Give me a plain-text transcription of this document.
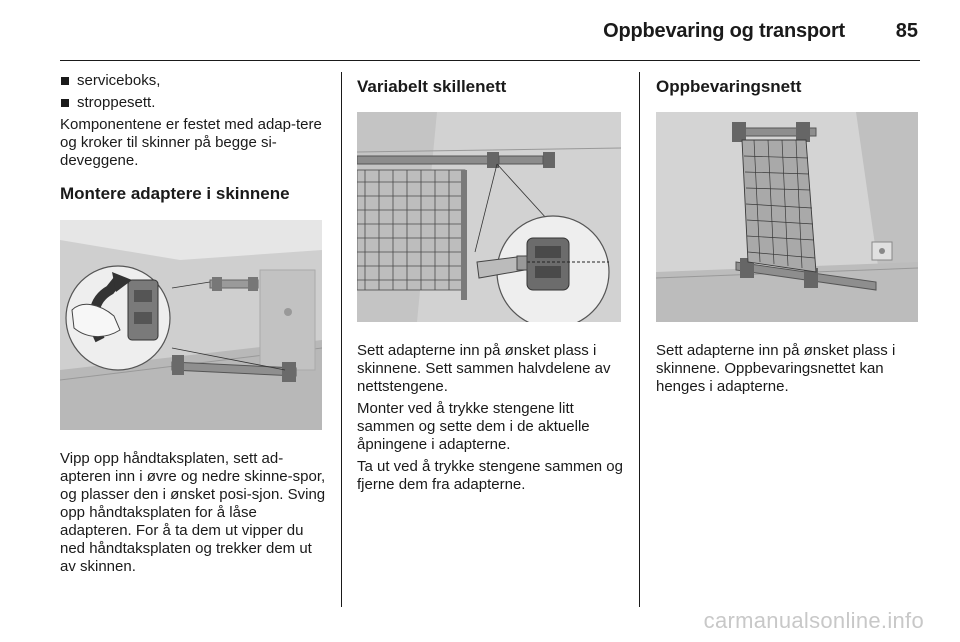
Oppbevaring og transport	85
serviceboks,
stroppesett.

Komponentene er festet med adap-tere og kroker til skinner på begge si-deveggene.

Montere adaptere i skinnene

Vipp opp håndtaksplaten, sett ad-apteren inn i øvre og nedre skinne-spor, og plasser den i ønsket posi-sjon. Sving opp håndtaksplaten for å låse adapteren. For å ta dem ut vipper du ned håndtaksplaten og trekker dem ut av skinnen.

Variabelt skillenett

Sett adapterne inn på ønsket plass i skinnene. Sett sammen halvdelene av nettstengene.

Monter ved å trykke stengene litt sammen og sette dem i de aktuelle åpningene i adapterne.

Ta ut ved å trykke stengene sammen og fjerne dem fra adapterne.

Oppbevaringsnett

Sett adapterne inn på ønsket plass i skinnene. Oppbevaringsnettet kan henges i adapterne.

carmanualsonline.info
